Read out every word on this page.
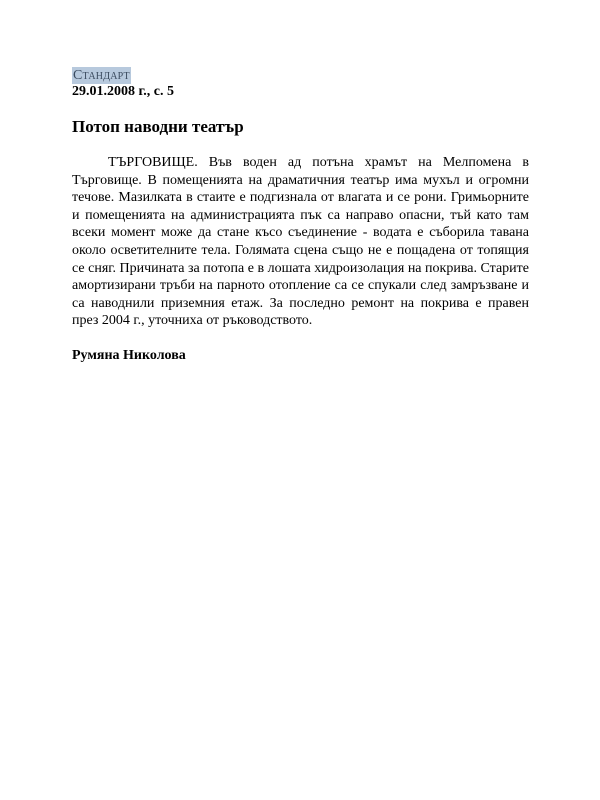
Стандарт
29.01.2008 г., с. 5
Потоп наводни театър
ТЪРГОВИЩЕ. Във воден ад потъна храмът на Мелпомена в Търговище. В помещенията на драматичния театър има мухъл и огромни течове. Мазилката в стаите е подгизнала от влагата и се рони. Гримьорните и помещенията на администрацията пък са направо опасни, тъй като там всеки момент може да стане късо съединение - водата е съборила тавана около осветителните тела. Голямата сцена също не е пощадена от топящия се сняг. Причината за потопа е в лошата хидроизолация на покрива. Старите амортизирани тръби на парното отопление са се спукали след замръзване и са наводнили приземния етаж. За последно ремонт на покрива е правен през 2004 г., уточниха от ръководството.
Румяна Николова
